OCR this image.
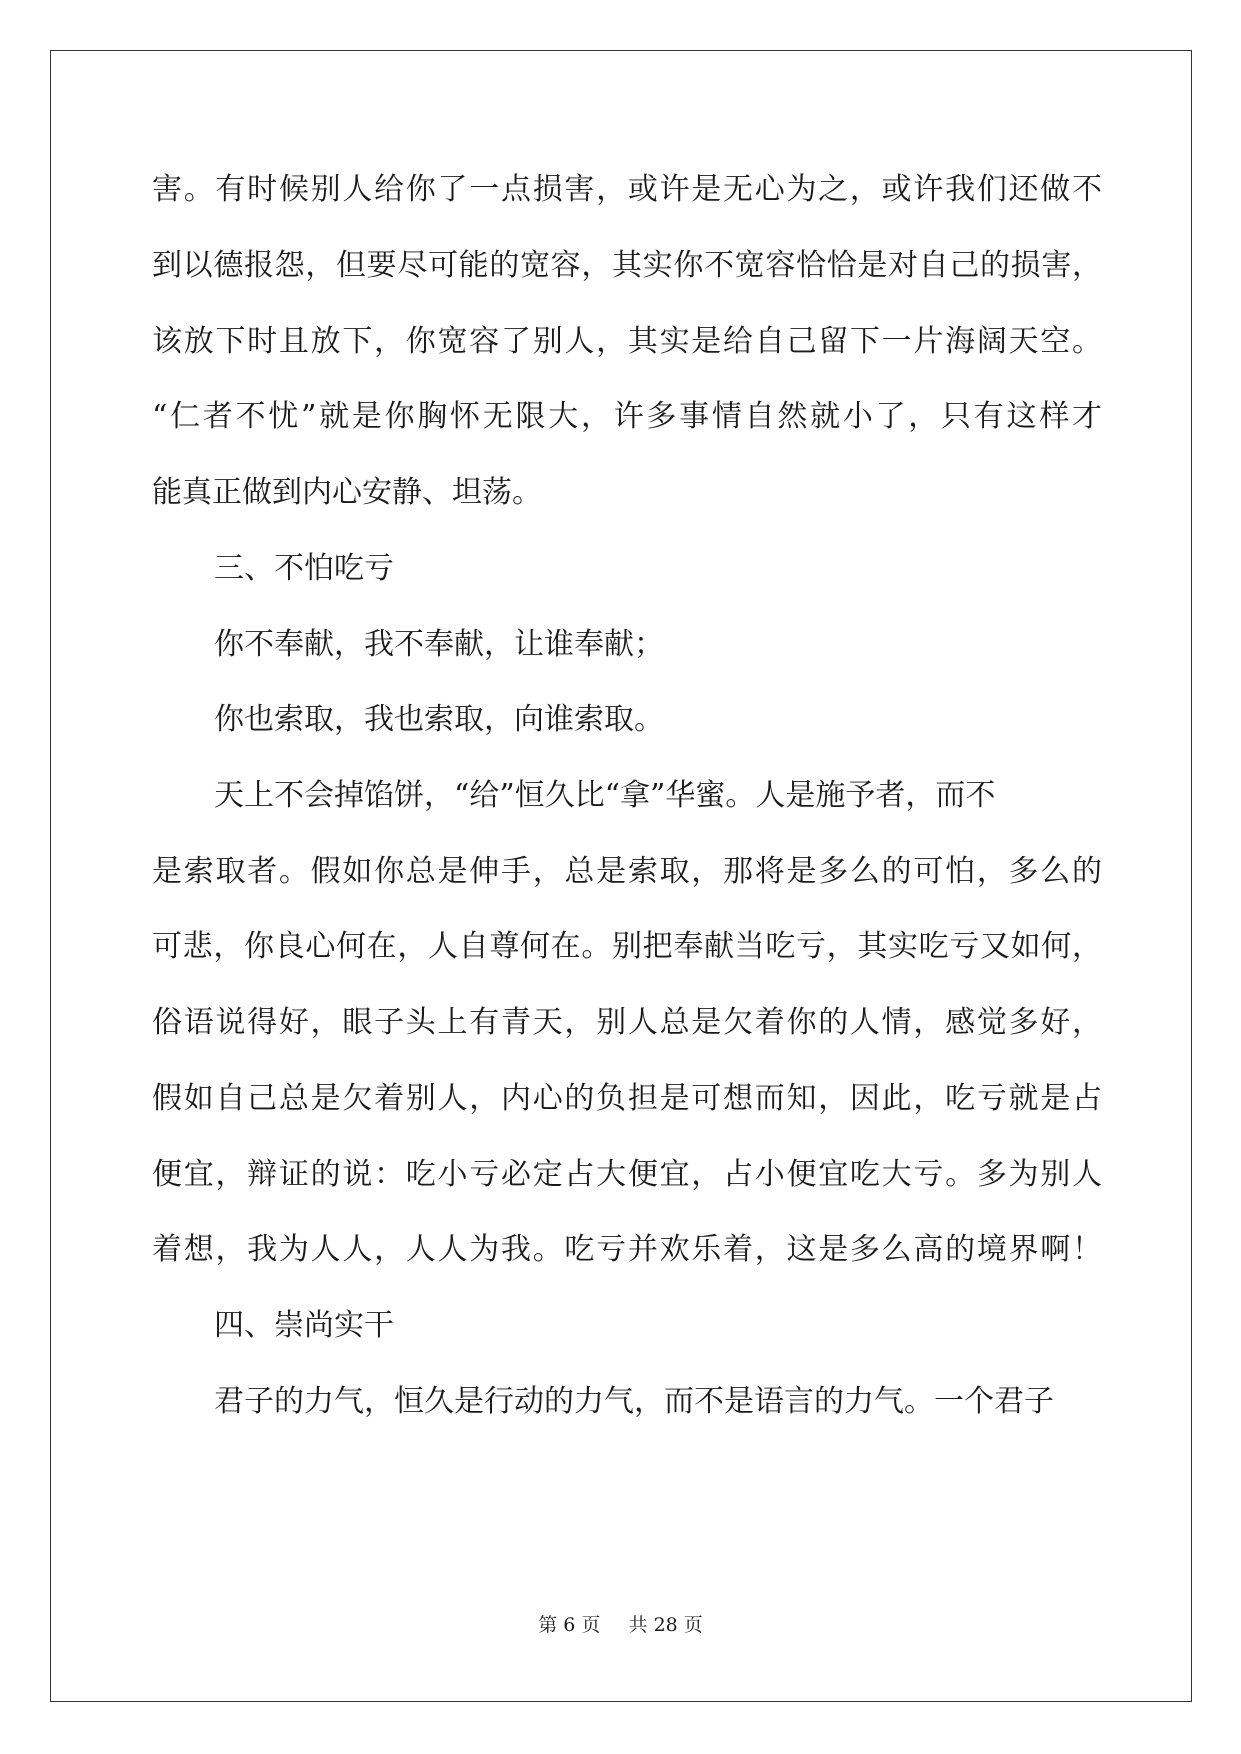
害。有时候别人给你了一点损害，或许是无心为之，或许我们还做不
到以德报怨，但要尽可能的宽容，其实你不宽容恰恰是对自己的损害，
该放下时且放下，你宽容了别人，其实是给自己留下一片海阔天空。
“仁者不忧”就是你胸怀无限大，许多事情自然就小了，只有这样才
能真正做到内心安静、坦荡。
三、不怕吃亏
你不奉献，我不奉献，让谁奉献；
你也索取，我也索取，向谁索取。
天上不会掉馅饼，“给”恒久比“拿”华蜜。人是施予者，而不
是索取者。假如你总是伸手，总是索取，那将是多么的可怕，多么的
可悲，你良心何在，人自尊何在。别把奉献当吃亏，其实吃亏又如何，
俗语说得好，眼子头上有青天，别人总是欠着你的人情，感觉多好，
假如自己总是欠着别人，内心的负担是可想而知，因此，吃亏就是占
便宜，辩证的说：吃小亏必定占大便宜，占小便宜吃大亏。多为别人
着想，我为人人，人人为我。吃亏并欢乐着，这是多么高的境界啊！
四、崇尚实干
君子的力气，恒久是行动的力气，而不是语言的力气。一个君子
第 6 页 共 28 页
